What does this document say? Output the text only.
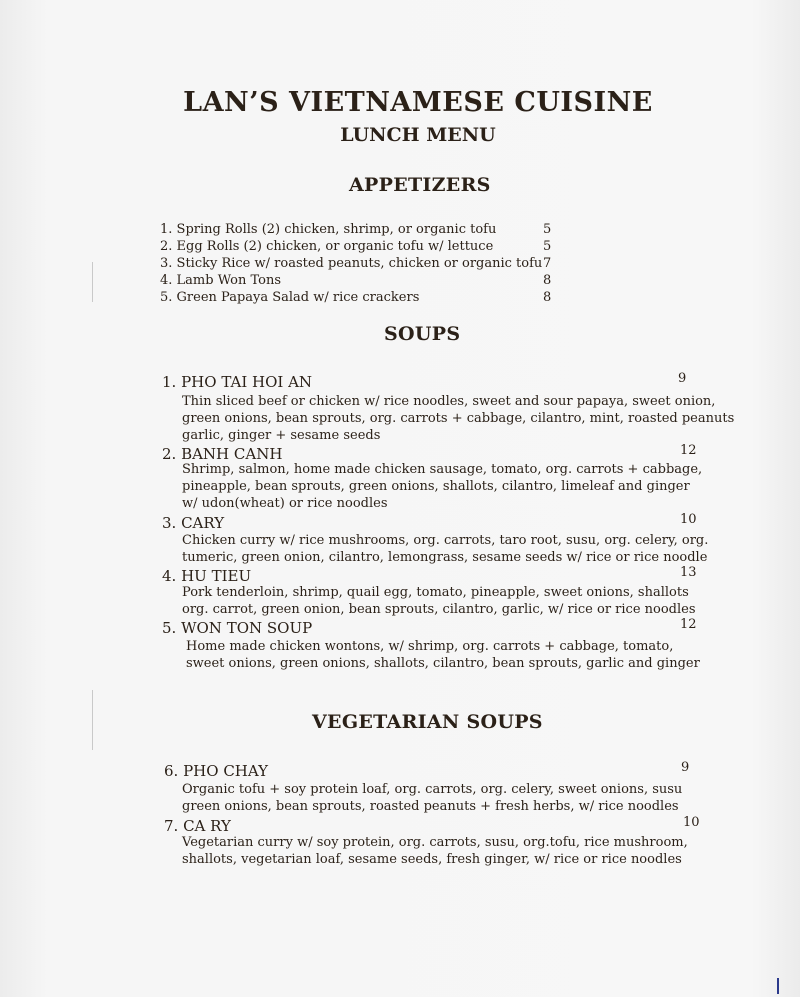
LAN’S VIETNAMESE CUISINE
LUNCH MENU
APPETIZERS
1. Spring Rolls (2) chicken, shrimp, or organic tofu	5
2. Egg Rolls (2) chicken, or organic tofu w/ lettuce	5
3. Sticky Rice w/ roasted peanuts, chicken or organic tofu 7
4. Lamb Won Tons	8
5. Green Papaya Salad w/ rice crackers	8
SOUPS
1. PHO TAI HOI AN	9
Thin sliced beef or chicken w/ rice noodles, sweet and sour papaya, sweet onion,
green onions, bean sprouts, org. carrots + cabbage, cilantro, mint, roasted peanuts
garlic, ginger + sesame seeds
2. BANH CANH	12
Shrimp, salmon, home made chicken sausage, tomato, org. carrots + cabbage,
pineapple, bean sprouts, green onions, shallots, cilantro, limeleaf and ginger
w/ udon(wheat) or rice noodles
3. CARY	10
Chicken curry w/ rice mushrooms, org. carrots, taro root, susu, org. celery, org.
tumeric, green onion, cilantro, lemongrass, sesame seeds w/ rice or rice noodle
4. HU TIEU	13
Pork tenderloin, shrimp, quail egg, tomato, pineapple, sweet onions, shallots
org. carrot, green onion, bean sprouts, cilantro, garlic, w/ rice or rice noodles
5. WON TON SOUP	12
Home made chicken wontons, w/ shrimp, org. carrots + cabbage, tomato,
sweet onions, green onions, shallots, cilantro, bean sprouts, garlic and ginger
VEGETARIAN SOUPS
6. PHO CHAY	9
Organic tofu + soy protein loaf, org. carrots, org. celery, sweet onions, susu
green onions, bean sprouts, roasted peanuts + fresh herbs, w/ rice noodles
7. CA RY	10
Vegetarian curry w/ soy protein, org. carrots, susu, org.tofu, rice mushroom,
shallots, vegetarian loaf, sesame seeds, fresh ginger, w/ rice or rice noodles
